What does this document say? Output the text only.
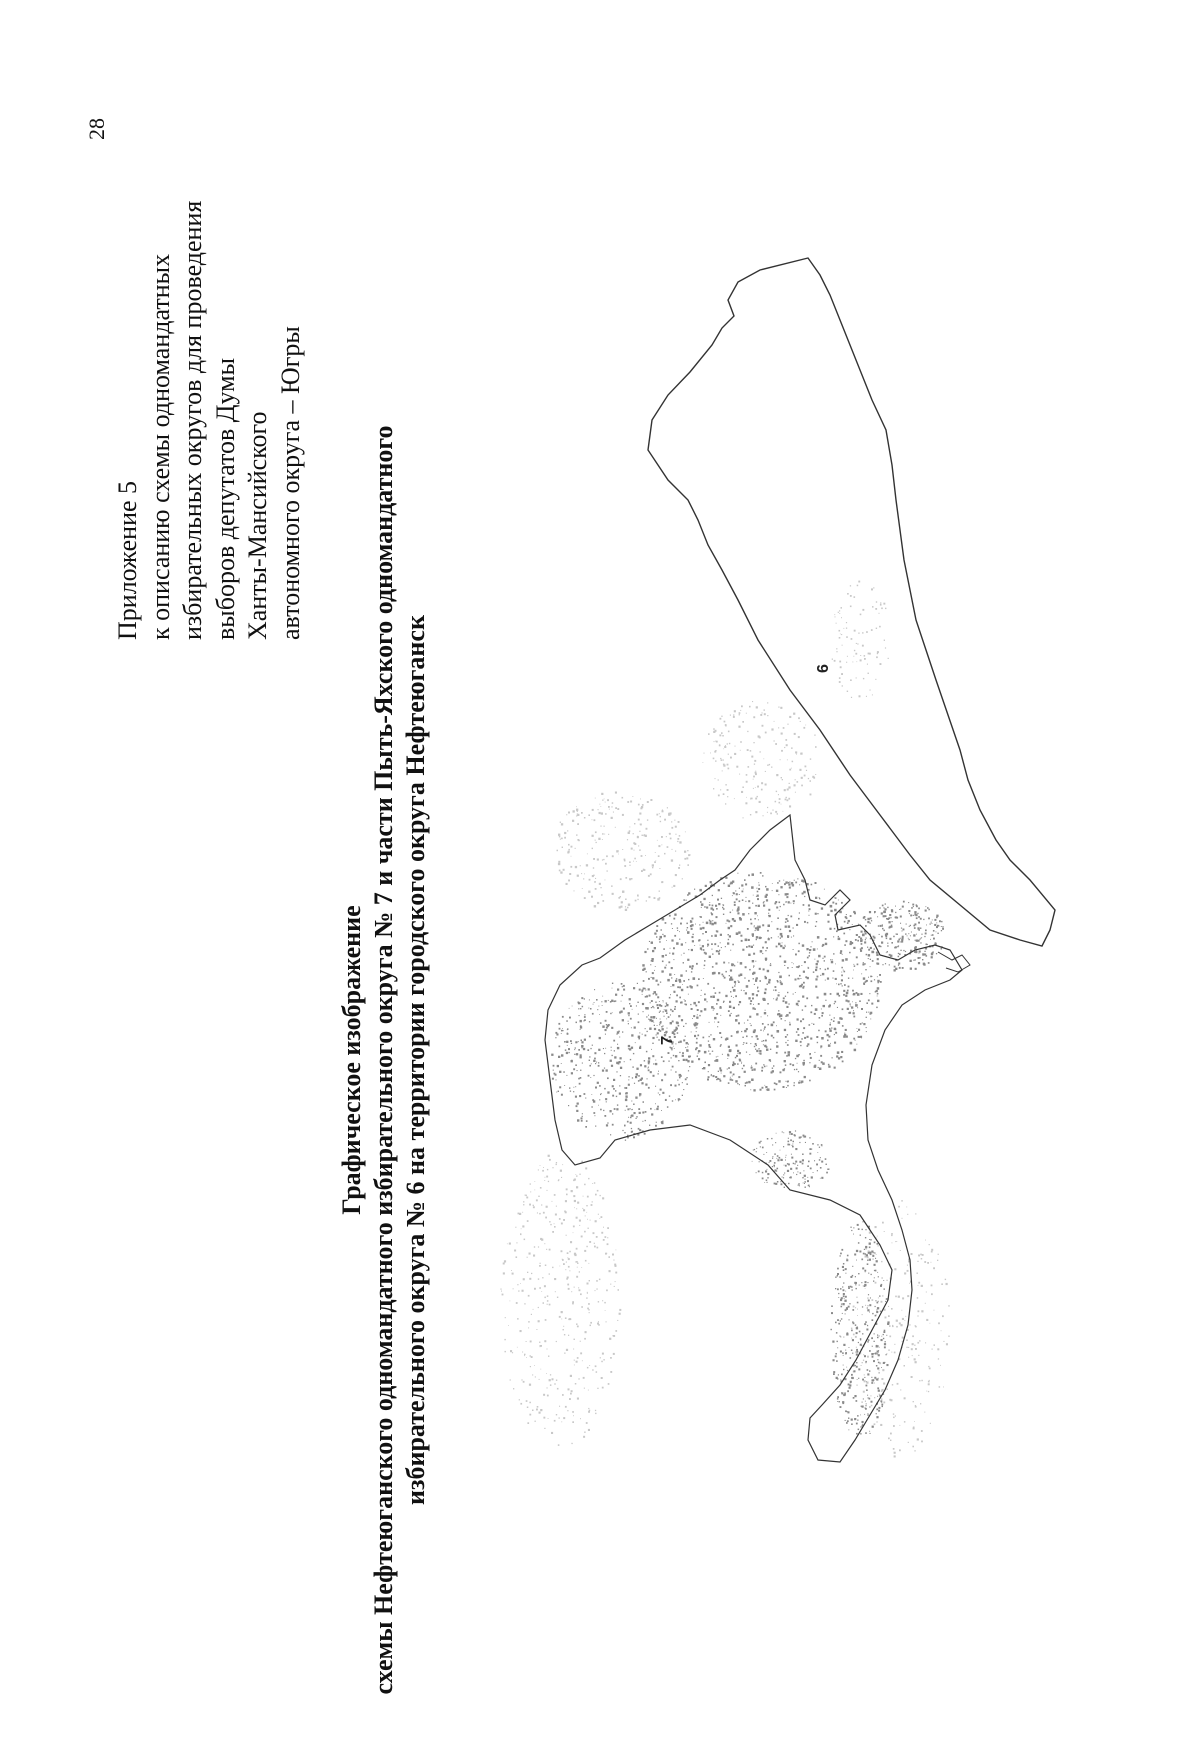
28
Приложение 5 к описанию схемы одномандатных избирательных округов для проведения выборов депутатов Думы Ханты-Мансийского автономного округа – Югры
Графическое изображение схемы Нефтеюганского одномандатного избирательного округа № 7 и части Пыть-Яхского одномандатного избирательного округа № 6 на территории городского округа Нефтеюганск	6
7
